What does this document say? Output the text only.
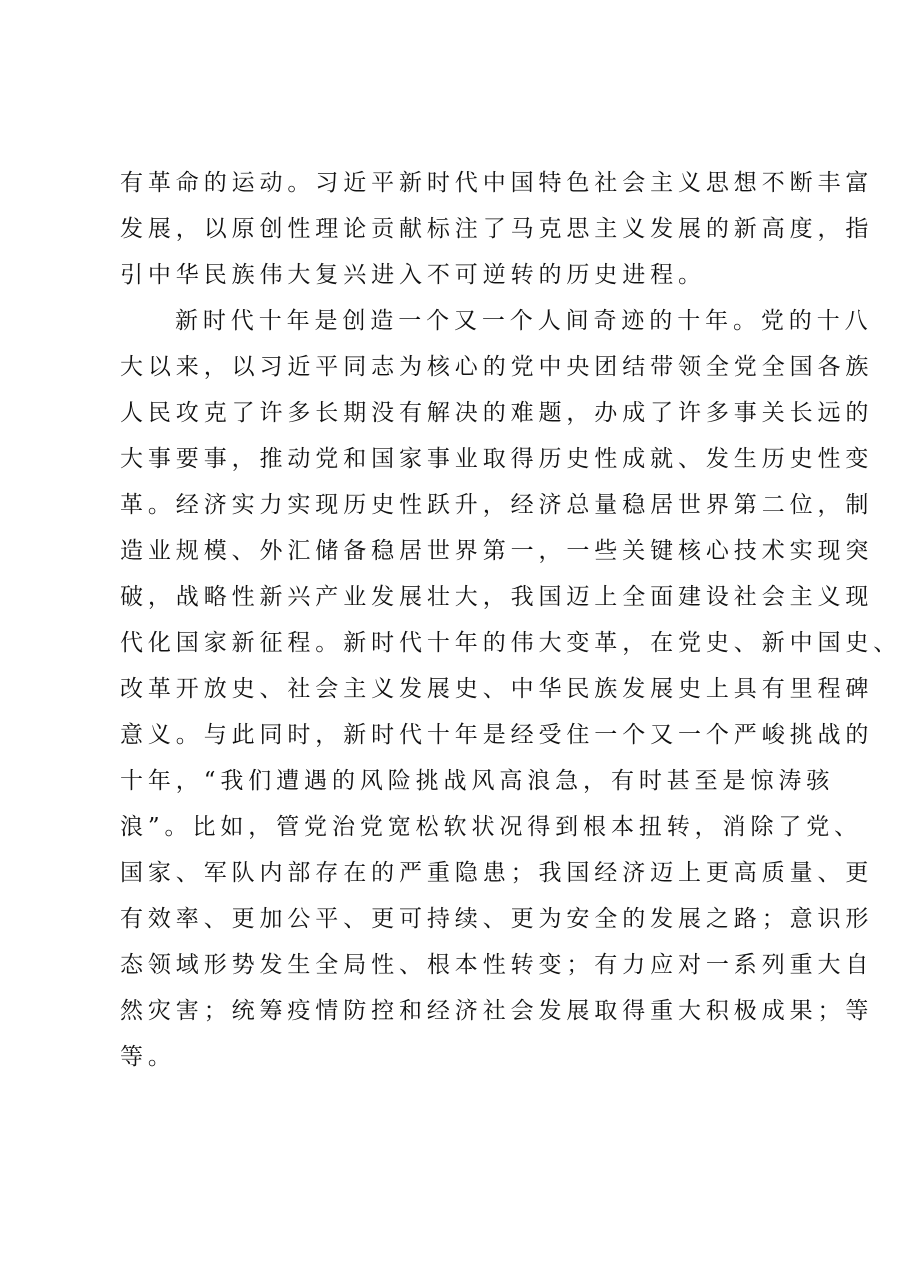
有革命的运动。习近平新时代中国特色社会主义思想不断丰富
发展，以原创性理论贡献标注了马克思主义发展的新高度，指
引中华民族伟大复兴进入不可逆转的历史进程。
新时代十年是创造一个又一个人间奇迹的十年。党的十八
大以来，以习近平同志为核心的党中央团结带领全党全国各族
人民攻克了许多长期没有解决的难题，办成了许多事关长远的
大事要事，推动党和国家事业取得历史性成就、发生历史性变
革。经济实力实现历史性跃升，经济总量稳居世界第二位，制
造业规模、外汇储备稳居世界第一，一些关键核心技术实现突
破，战略性新兴产业发展壮大，我国迈上全面建设社会主义现
代化国家新征程。新时代十年的伟大变革，在党史、新中国史、
改革开放史、社会主义发展史、中华民族发展史上具有里程碑
意义。与此同时，新时代十年是经受住一个又一个严峻挑战的
十年，“我们遭遇的风险挑战风高浪急，有时甚至是惊涛骇
浪”。比如，管党治党宽松软状况得到根本扭转，消除了党、
国家、军队内部存在的严重隐患；我国经济迈上更高质量、更
有效率、更加公平、更可持续、更为安全的发展之路；意识形
态领域形势发生全局性、根本性转变；有力应对一系列重大自
然灾害；统筹疫情防控和经济社会发展取得重大积极成果；等
等。
